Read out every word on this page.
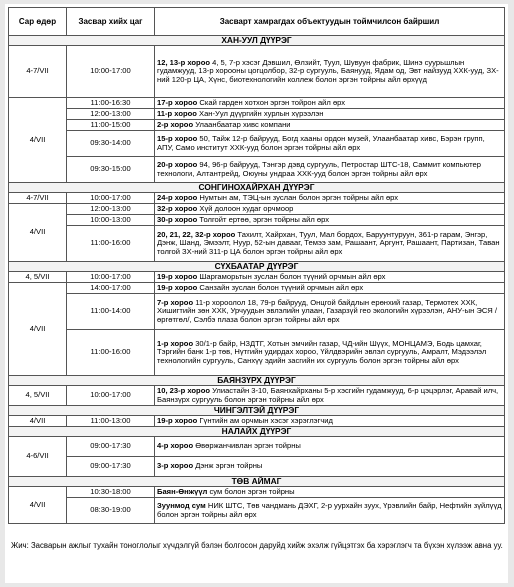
Сар өдөр	Засвар хийх цаг	Засварт хамрагдах объектуудын тоймчилсон байршил
ХАН-УУЛ ДҮҮРЭГ		
4-7/VII	10:00-17:00	12, 13-р хороо 4, 5, 7-р хэсэг Дэвшил, Өлзийт, Туул, Шувуун фабрик, Шинэ суурьшлын гудамжууд, 13-р хорооны цогцолбор, 32-р сургууль, Баянууд, Ядам од, Эвт найзууд ХХК-ууд, ЗХ-ний 120-р ЦА, Хүнс, биотехнологийн коллеж болон эргэн тойрны айл өрхүүд
4/VII	11:00-16:30	17-р хороо Скай гарден хотхон эргэн тойрон айл өрх
	12:00-13:00	11-р хороо Хан-Уул дүүргийн хурлын хүрээлэн
	11:00-15:00	2-р хороо Улаанбаатар хивс компани
	09:30-14:00	15-р хороо 50, Тайж 12-р байрууд, Богд хааны ордон музей, Улаанбаатар хивс, Бэрэн групп, АПУ, Само институт ХХК-ууд болон эргэн тойрны айл өрх
	09:30-15:00	20-р хороо 94, 96-р байрууд, Тэнгэр дэвд сургууль, Петростар ШТС-18, Саммит компьютер технологи, Алтантрейд, Оюуны ундраа ХХК-ууд болон эргэн тойрны айл өрх
СОНГИНОХАЙРХАН ДҮҮРЭГ		
4-7/VII	10:00-17:00	24-р хороо Нумтын ам, ТЭЦ-ын зуслан болон эргэн тойрны айл өрх
4/VII	12:00-13:00	32-р хороо Хүй долоон худаг орчмоор
	10:00-13:00	30-р хороо Толгойт ертөө, эргэн тойрны айл өрх
	11:00-16:00	20, 21, 22, 32-р хороо Тахилт, Хайрхан, Туул, Мал бордох, Баруунтуруун, 361-р гарам, Энгэр, Дэнж, Шанд, Эмээлт, Нуур, 52-ын давааг, Темээ зам, Рашаант, Аргунт, Рашаант, Партизан, Таван толгой ЗХ-ний 311-р ЦА болон эргэн тойрны айл өрх
СҮХБААТАР ДҮҮРЭГ		
4, 5/VII	10:00-17:00	19-р хороо Шаргаморьтын зуслан болон түүний орчмын айл өрх
4/VII	14:00-17:00	19-р хороо Санзайн зуслан болон түүний орчмын айл өрх
	11:00-14:00	7-р хороо 11-р хороолол 18, 79-р байрууд, Онцгой байдлын ерөнхий газар, Термотех ХХК, Хишигтийн зөн ХХК, Урчуудын эвлэлийн улаан, Газарзүй гео экологийн хүрээлэн, АНУ-ын ЭСЯ /өргөтгөл/, Сэлбэ плаза болон эргэн тойрны айл өрх
	11:00-16:00	1-р хороо 30/1-р байр, НЗДТГ, Хотын эмчийн газар, ЧД-ийн Шүүх, МОНЦАМЭ, Бодь цамхаг, Тэргийн банк 1-р төв, Нүтгийн удирдах хороо, Үйлдвэрийн эвлэл сургууль, Амралт, Мэдээлэл технологийн сургууль, Санхүү эдийн засгийн их сургууль болон эргэн тойрны айл өрх
БАЯНЗҮРХ ДҮҮРЭГ		
4, 5/VII	10:00-17:00	10, 23-р хороо Улиастайн 3-10, Баянхайрханы 5-р хэсгийн гудамжууд, 6-р цэцэрлэг, Аравай илч, Баянзүрх сургууль болон эргэн тойрны айл өрх
ЧИНГЭЛТЭЙ ДҮҮРЭГ		
4/VII	11:00-13:00	19-р хороо Гүнтийн ам орчмын хэсэг хэрэглэгчид
НАЛАЙХ ДҮҮРЭГ		
4-6/VII	09:00-17:30	4-р хороо Өвөржанчивлан эргэн тойрны
	09:00-17:30	3-р хороо Дэнж эргэн тойрны
ТӨВ АЙМАГ		
4/VII	10:30-18:00	Баян-Өнжүүл сум болон эргэн тойрны
	08:30-19:00	Зуунмод сум НИК ШТС, Төв чандмань ДЭХГ, 2-р уурхайн зуух, Үрэвлийн байр, Нефтийн зүйлүүд болон эргэн тойрны айл өрх
Жич: Засварын ажлыг тухайн тоноглолыг хүчдэлгүй бэлэн болгосон даруйд хийж эхэлж гүйцэтгэх ба хэрэглэгч та бүхэн хүлээж авна уу.
